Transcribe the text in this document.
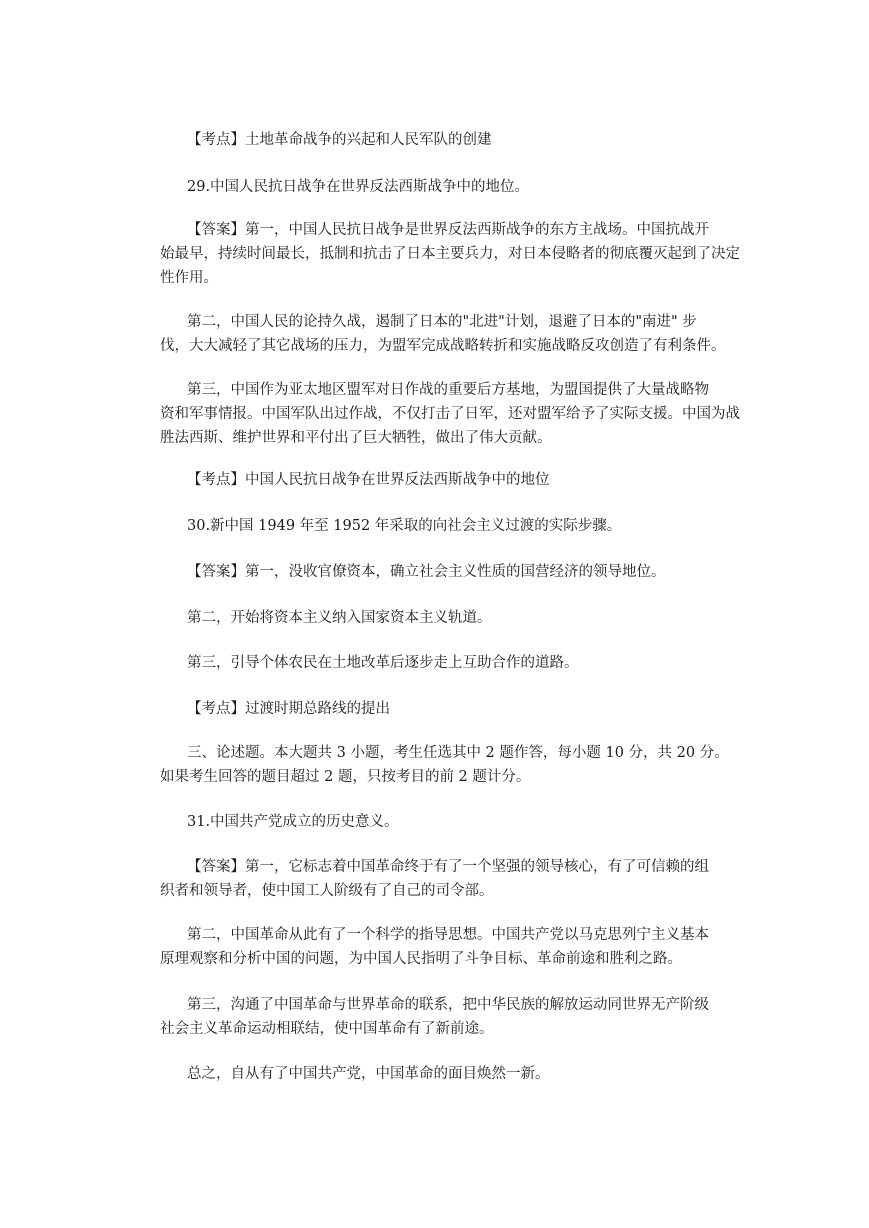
【考点】土地革命战争的兴起和人民军队的创建

29.中国人民抗日战争在世界反法西斯战争中的地位。

【答案】第一，中国人民抗日战争是世界反法西斯战争的东方主战场。中国抗战开
始最早，持续时间最长，抵制和抗击了日本主要兵力，对日本侵略者的彻底覆灭起到了决定
性作用。

第二，中国人民的论持久战，遏制了日本的"北进"计划，退避了日本的"南进" 步
伐，大大减轻了其它战场的压力，为盟军完成战略转折和实施战略反攻创造了有利条件。

第三，中国作为亚太地区盟军对日作战的重要后方基地，为盟国提供了大量战略物
资和军事情报。中国军队出过作战，不仅打击了日军，还对盟军给予了实际支援。中国为战
胜法西斯、维护世界和平付出了巨大牺牲，做出了伟大贡献。

【考点】中国人民抗日战争在世界反法西斯战争中的地位

30.新中国 1949 年至 1952 年采取的向社会主义过渡的实际步骤。

【答案】第一，没收官僚资本，确立社会主义性质的国营经济的领导地位。

第二，开始将资本主义纳入国家资本主义轨道。

第三，引导个体农民在土地改革后逐步走上互助合作的道路。

【考点】过渡时期总路线的提出

三、论述题。本大题共 3 小题，考生任选其中 2 题作答，每小题 10 分，共 20 分。
如果考生回答的题目超过 2 题，只按考目的前 2 题计分。

31.中国共产党成立的历史意义。

【答案】第一，它标志着中国革命终于有了一个坚强的领导核心，有了可信赖的组
织者和领导者，使中国工人阶级有了自己的司令部。

第二，中国革命从此有了一个科学的指导思想。中国共产党以马克思列宁主义基本
原理观察和分析中国的问题，为中国人民指明了斗争目标、革命前途和胜利之路。

第三，沟通了中国革命与世界革命的联系，把中华民族的解放运动同世界无产阶级
社会主义革命运动相联结，使中国革命有了新前途。

总之，自从有了中国共产党，中国革命的面目焕然一新。
